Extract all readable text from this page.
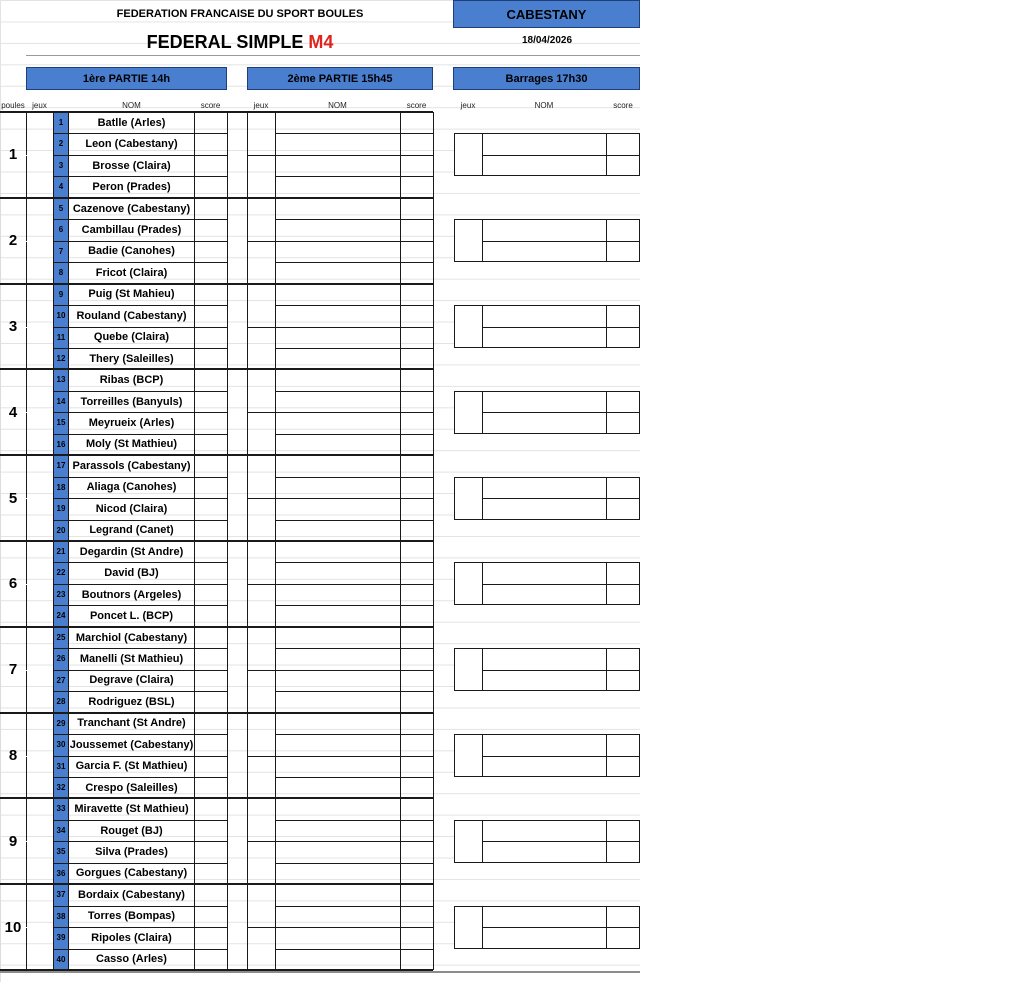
FEDERATION FRANCAISE DU SPORT BOULES
FEDERAL SIMPLE M4
CABESTANY
18/04/2026
1ère PARTIE 14h	2ème PARTIE 15h45	Barrages 17h30
poules jeux	NOM	score	jeux	NOM	score	jeux	NOM	score
1
1	Batlle (Arles)
2	Leon (Cabestany)
3	Brosse (Claira)
4	Peron (Prades)
2
5 Cazenove (Cabestany)
6	Cambillau (Prades)
7	Badie (Canohes)
8	Fricot (Claira)
3
9	Puig (St Mahieu)
10	Rouland (Cabestany)
11	Quebe (Claira)
12	Thery (Saleilles)
4
13	Ribas (BCP)
14	Torreilles (Banyuls)
15	Meyrueix (Arles)
16	Moly (St Mathieu)
5
17 Parassols (Cabestany)
18	Aliaga (Canohes)
19	Nicod (Claira)
20	Legrand (Canet)
6
21	Degardin (St Andre)
22	David (BJ)
23	Boutnors (Argeles)
24	Poncet L. (BCP)
7
25 Marchiol (Cabestany)
26	Manelli (St Mathieu)
27	Degrave (Claira)
28	Rodriguez (BSL)
8
29	Tranchant (St Andre)
30 Joussemet (Cabestany)
31 Garcia F. (St Mathieu)
32	Crespo (Saleilles)
9
33 Miravette (St Mathieu)
34	Rouget (BJ)
35	Silva (Prades)
36 Gorgues (Cabestany)
10
37	Bordaix (Cabestany)
38	Torres (Bompas)
39	Ripoles (Claira)
40	Casso (Arles)
